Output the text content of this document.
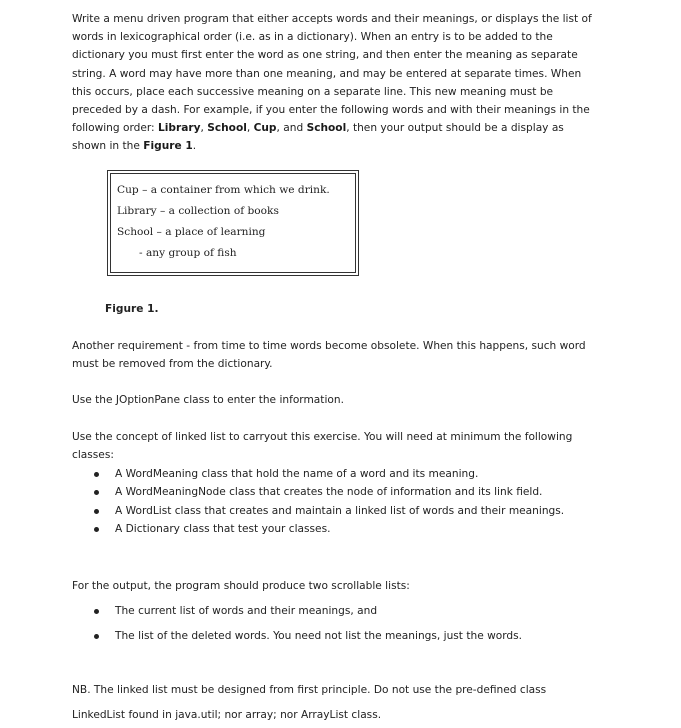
Write a menu driven program that either accepts words and their meanings, or displays the list of words in lexicographical order (i.e. as in a dictionary). When an entry is to be added to the dictionary you must first enter the word as one string, and then enter the meaning as separate string. A word may have more than one meaning, and may be entered at separate times. When this occurs, place each successive meaning on a separate line. This new meaning must be preceded by a dash. For example, if you enter the following words and with their meanings in the following order: Library, School, Cup, and School, then your output should be a display as shown in the Figure 1.

Cup – a container from which we drink.
Library – a collection of books
School – a place of learning
- any group of fish
Figure 1.

Another requirement - from time to time words become obsolete. When this happens, such word must be removed from the dictionary.

Use the JOptionPane class to enter the information.

Use the concept of linked list to carryout this exercise. You will need at minimum the following classes:

A WordMeaning class that hold the name of a word and its meaning.
A WordMeaningNode class that creates the node of information and its link field.
A WordList class that creates and maintain a linked list of words and their meanings.
A Dictionary class that test your classes.

For the output, the program should produce two scrollable lists:

The current list of words and their meanings, and
The list of the deleted words. You need not list the meanings, just the words.

NB. The linked list must be designed from first principle. Do not use the pre-defined class
LinkedList found in java.util; nor array; nor ArrayList class.
